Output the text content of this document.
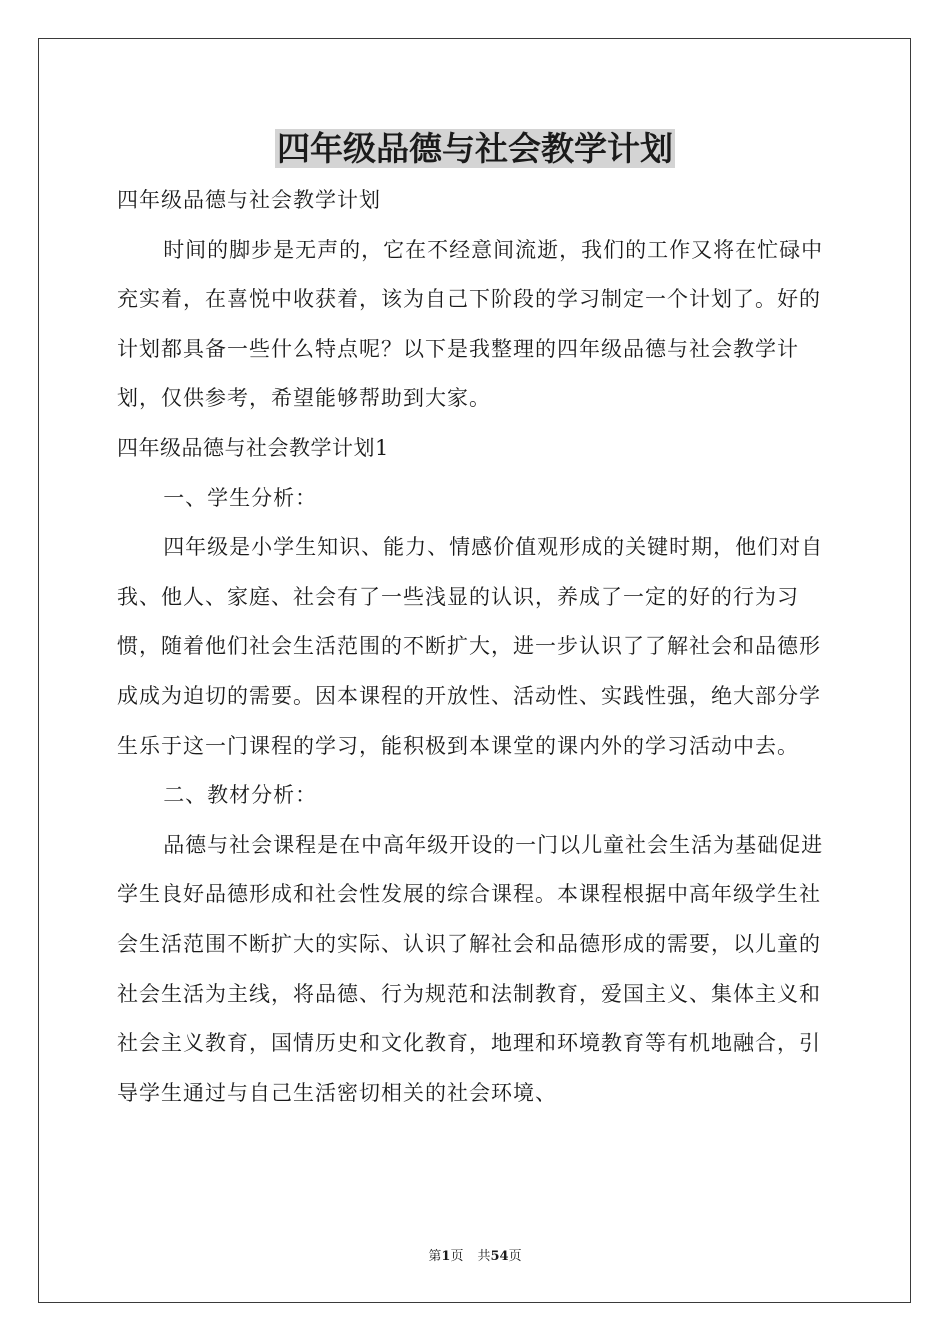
四年级品德与社会教学计划

四年级品德与社会教学计划

时间的脚步是无声的，它在不经意间流逝，我们的工作又将在忙碌中充实着，在喜悦中收获着，该为自己下阶段的学习制定一个计划了。好的计划都具备一些什么特点呢？以下是我整理的四年级品德与社会教学计划，仅供参考，希望能够帮助到大家。

四年级品德与社会教学计划1

一、学生分析：

四年级是小学生知识、能力、情感价值观形成的关键时期，他们对自我、他人、家庭、社会有了一些浅显的认识，养成了一定的好的行为习惯，随着他们社会生活范围的不断扩大，进一步认识了了解社会和品德形成成为迫切的需要。因本课程的开放性、活动性、实践性强，绝大部分学生乐于这一门课程的学习，能积极到本课堂的课内外的学习活动中去。

二、教材分析：

品德与社会课程是在中高年级开设的一门以儿童社会生活为基础促进学生良好品德形成和社会性发展的综合课程。本课程根据中高年级学生社会生活范围不断扩大的实际、认识了解社会和品德形成的需要，以儿童的社会生活为主线，将品德、行为规范和法制教育，爱国主义、集体主义和社会主义教育，国情历史和文化教育，地理和环境教育等有机地融合，引导学生通过与自己生活密切相关的社会环境、

第1页 共54页
